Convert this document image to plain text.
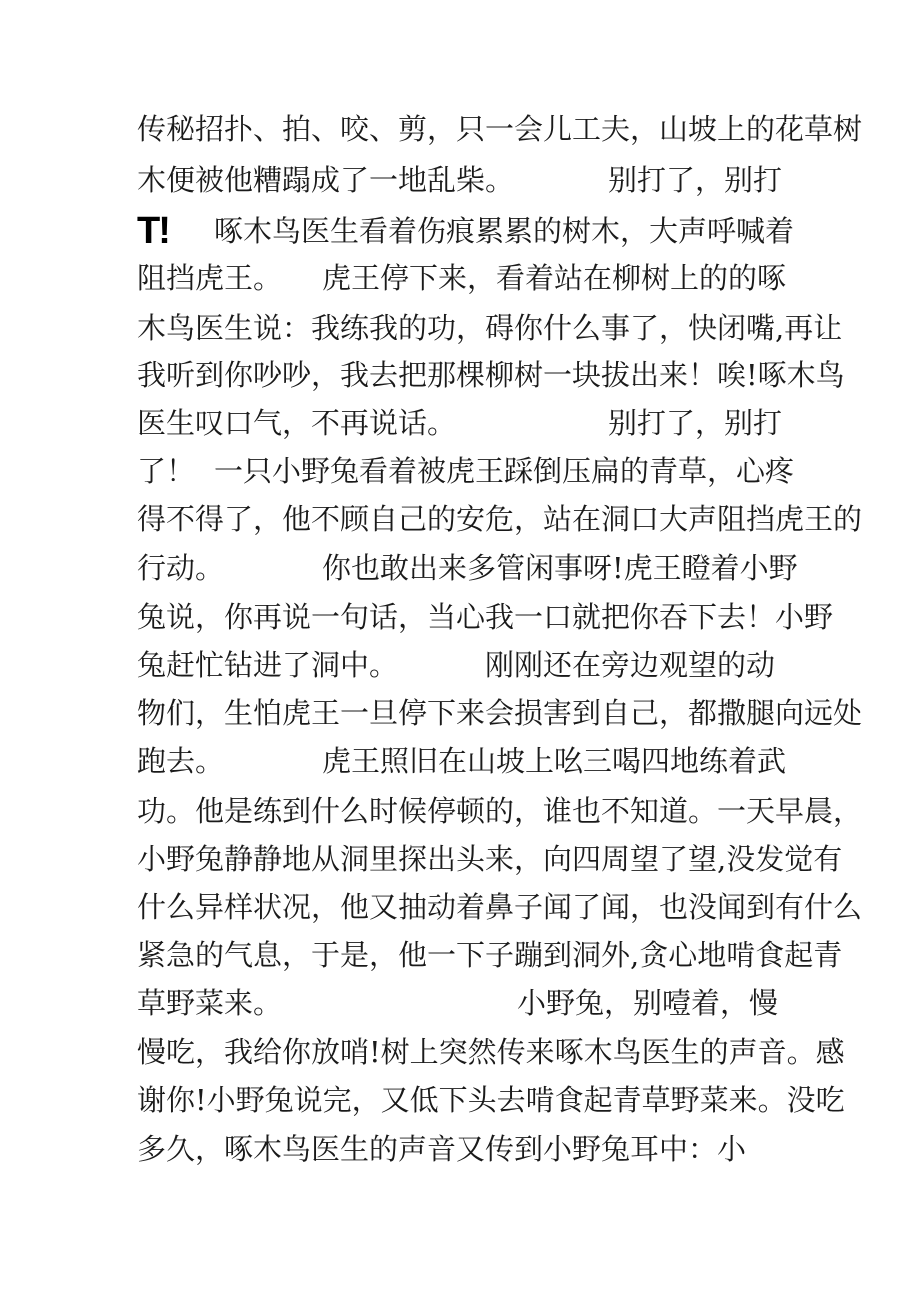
传秘招扑、拍、咬、剪，只一会儿工夫，山坡上的花草树

木便被他糟蹋成了一地乱柴。

	别打了，别打

T!

啄木鸟医生看着伤痕累累的树木，大声呼喊着

阻挡虎王。

虎王停下来，看着站在柳树上的的啄

木鸟医生说：我练我的功，碍你什么事了，快闭嘴,再让

我听到你吵吵，我去把那棵柳树一块拔出来！唉!啄木鸟

医生叹口气，不再说话。

	别打了，别打

了！

一只小野兔看着被虎王踩倒压扁的青草，心疼

得不得了，他不顾自己的安危，站在洞口大声阻挡虎王的

行动。

	你也敢出来多管闲事呀!虎王瞪着小野

兔说，你再说一句话，当心我一口就把你吞下去！小野

兔赶忙钻进了洞中。

	刚刚还在旁边观望的动

物们，生怕虎王一旦停下来会损害到自己，都撒腿向远处

跑去。

	虎王照旧在山坡上吆三喝四地练着武

功。他是练到什么时候停顿的，谁也不知道。一天早晨，

小野兔静静地从洞里探出头来，向四周望了望,没发觉有

什么异样状况，他又抽动着鼻子闻了闻，也没闻到有什么

紧急的气息，于是，他一下子蹦到洞外,贪心地啃食起青

草野菜来。

	小野兔，别噎着，慢

慢吃，我给你放哨!树上突然传来啄木鸟医生的声音。感

谢你!小野兔说完，又低下头去啃食起青草野菜来。没吃

多久，啄木鸟医生的声音又传到小野兔耳中：小
